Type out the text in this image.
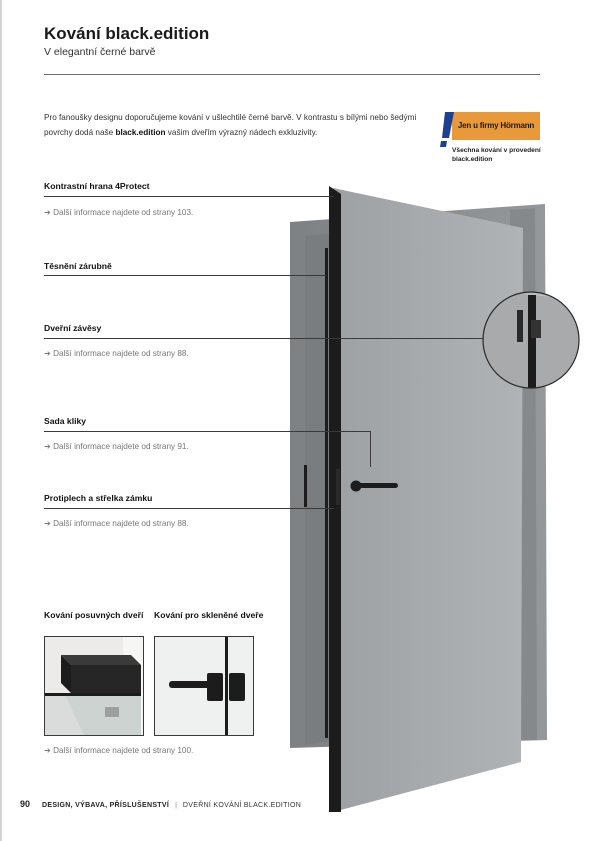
Kování black.edition
V elegantní černé barvě

Pro fanoušky designu doporučujeme kování v ušlechtilé černé barvě. V kontrastu s bílými nebo šedými povrchy dodá naše black.edition vašim dveřím výrazný nádech exkluzivity.

Jen u firmy Hörmann
Všechna kování v provedení black.edition
Kontrastní hrana 4Protect
➔ Další informace najdete od strany 103.
Těsnění zárubně
Dveřní závěsy
➔ Další informace najdete od strany 88.
Sada kliky
➔ Další informace najdete od strany 91.
Protiplech a střelka zámku
➔ Další informace najdete od strany 88.
Kování posuvných dveří	Kování pro skleněné dveře
➔ Další informace najdete od strany 100.
90 DESIGN, VÝBAVA, PŘÍSLUŠENSTVÍ | DVEŘNÍ KOVÁNÍ BLACK.EDITION
